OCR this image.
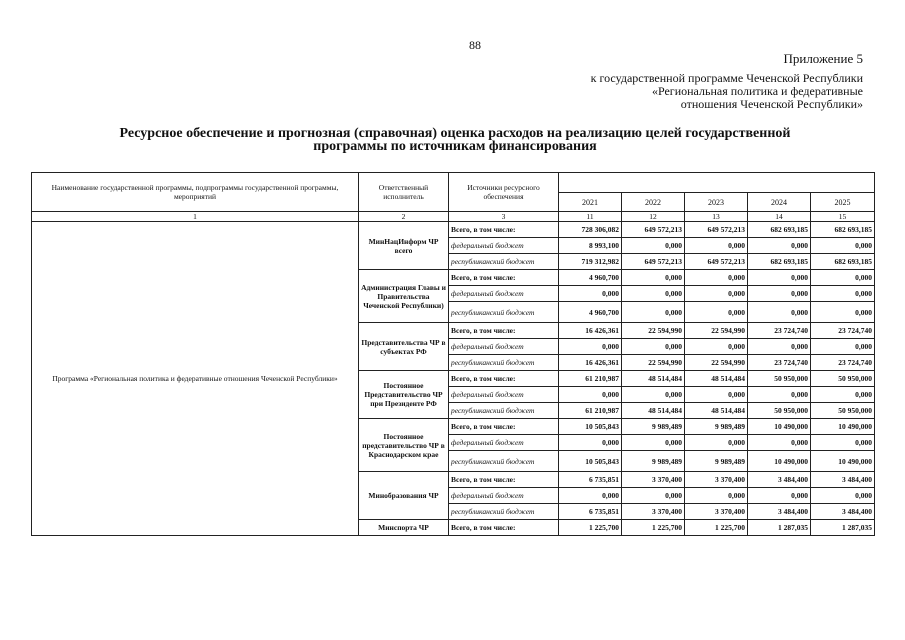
88
Приложение 5
к государственной программе Чеченской Республики
«Региональная политика и федеративные
отношения Чеченской Республики»
Ресурсное обеспечение и прогнозная (справочная) оценка расходов на реализацию целей государственной
программы по источникам финансирования
Наименование государственной программы, подпрограммы государственной программы, мероприятий	Ответственный исполнитель	Источники ресурсного обеспечения					
			2021	2022	2023	2024	2025
1	2	3	11	12	13	14	15
Программа «Региональная политика и федеративные отношения Чеченской Республики»	МинНацИнформ ЧР всего	Всего, в том числе:	728 306,082	649 572,213	649 572,213	682 693,185	682 693,185
		федеральный бюджет	8 993,100	0,000	0,000	0,000	0,000
		республиканский бюджет	719 312,982	649 572,213	649 572,213	682 693,185	682 693,185
	Администрация Главы и Правительства Чеченской Республики)	Всего, в том числе:	4 960,700	0,000	0,000	0,000	0,000
		федеральный бюджет	0,000	0,000	0,000	0,000	0,000
		республиканский бюджет	4 960,700	0,000	0,000	0,000	0,000
	Представительства ЧР в субъектах РФ	Всего, в том числе:	16 426,361	22 594,990	22 594,990	23 724,740	23 724,740
		федеральный бюджет	0,000	0,000	0,000	0,000	0,000
		республиканский бюджет	16 426,361	22 594,990	22 594,990	23 724,740	23 724,740
	Постоянное Представительство ЧР при Президенте РФ	Всего, в том числе:	61 210,987	48 514,484	48 514,484	50 950,000	50 950,000
		федеральный бюджет	0,000	0,000	0,000	0,000	0,000
		республиканский бюджет	61 210,987	48 514,484	48 514,484	50 950,000	50 950,000
	Постоянное представительство ЧР в Краснодарском крае	Всего, в том числе:	10 505,843	9 989,489	9 989,489	10 490,000	10 490,000
		федеральный бюджет	0,000	0,000	0,000	0,000	0,000
		республиканский бюджет	10 505,843	9 989,489	9 989,489	10 490,000	10 490,000
	Минобразования ЧР	Всего, в том числе:	6 735,851	3 370,400	3 370,400	3 484,400	3 484,400
		федеральный бюджет	0,000	0,000	0,000	0,000	0,000
		республиканский бюджет	6 735,851	3 370,400	3 370,400	3 484,400	3 484,400
	Минспорта ЧР	Всего, в том числе:	1 225,700	1 225,700	1 225,700	1 287,035	1 287,035
